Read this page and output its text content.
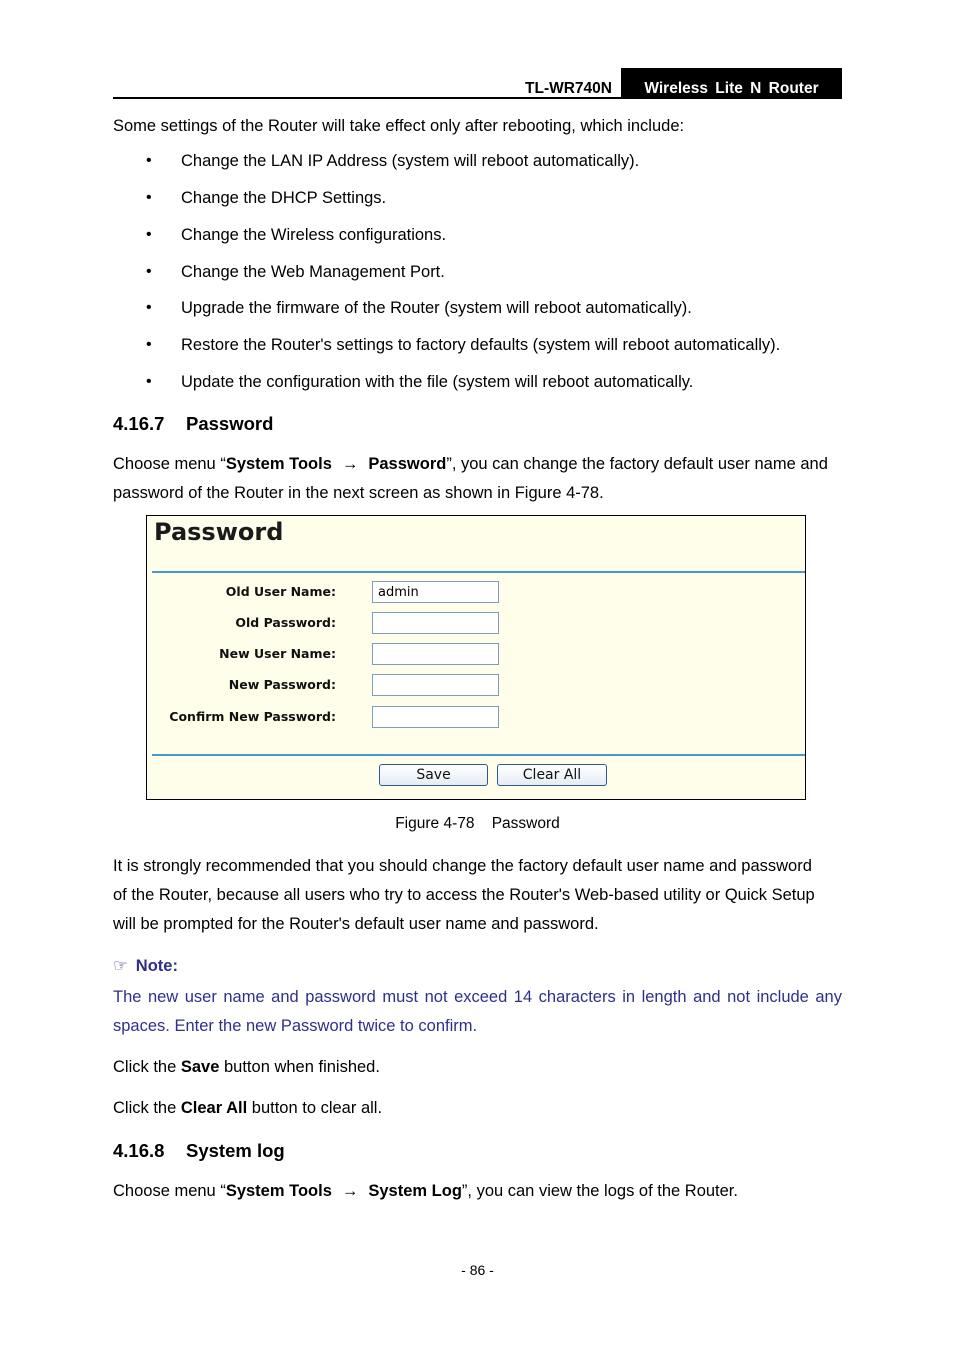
TL-WR740N	Wireless Lite N Router
Some settings of the Router will take effect only after rebooting, which include:
• Change the LAN IP Address (system will reboot automatically).
• Change the DHCP Settings.
• Change the Wireless configurations.
• Change the Web Management Port.
• Upgrade the firmware of the Router (system will reboot automatically).
• Restore the Router's settings to factory defaults (system will reboot automatically).
• Update the configuration with the file (system will reboot automatically.
4.16.7 Password
Choose menu “System Tools → Password”, you can change the factory default user name and
password of the Router in the next screen as shown in Figure 4-78.
Password
Old User Name:	admin
Old Password:
New User Name:
New Password:
Confirm New Password:
Save	Clear All
Figure 4-78    Password
It is strongly recommended that you should change the factory default user name and password
of the Router, because all users who try to access the Router's Web-based utility or Quick Setup
will be prompted for the Router's default user name and password.
☞ Note:
The new user name and password must not exceed 14 characters in length and not include any spaces. Enter the new Password twice to confirm.
Click the Save button when finished.
Click the Clear All button to clear all.
4.16.8 System log
Choose menu “System Tools → System Log”, you can view the logs of the Router.
- 86 -
